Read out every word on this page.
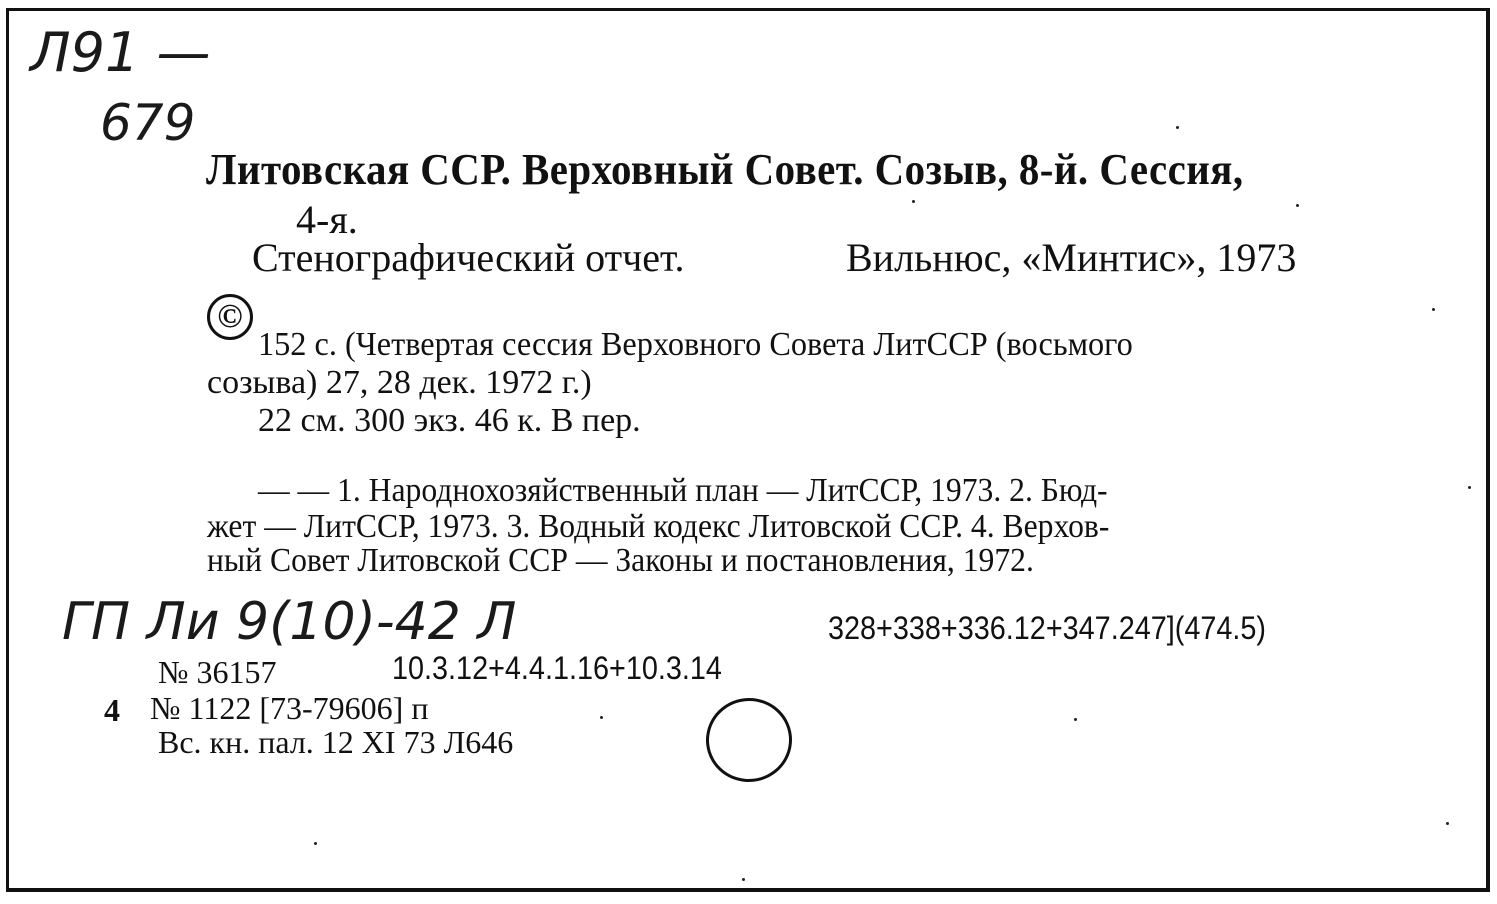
Л91 —
679
Литовская ССР. Верховный Совет. Созыв, 8-й. Сессия,
4-я.
Стенографический отчет.	Вильнюс, «Минтис», 1973
©
152 с. (Четвертая сессия Верховного Совета ЛитССР (восьмого
созыва) 27, 28 дек. 1972 г.)
22 см. 300 экз. 46 к. В пер.
— — 1. Народнохозяйственный план — ЛитССР, 1973. 2. Бюд-
жет — ЛитССР, 1973. 3. Водный кодекс Литовской ССР. 4. Верхов-
ный Совет Литовской ССР — Законы и постановления, 1972.
ГП Ли 9(10)-42 Л	328+338+336.12+347.247](474.5)
№ 36157	10.3.12+4.4.1.16+10.3.14
4 № 1122 [73-79606] п
Вс. кн. пал. 12 XI 73 Л646
